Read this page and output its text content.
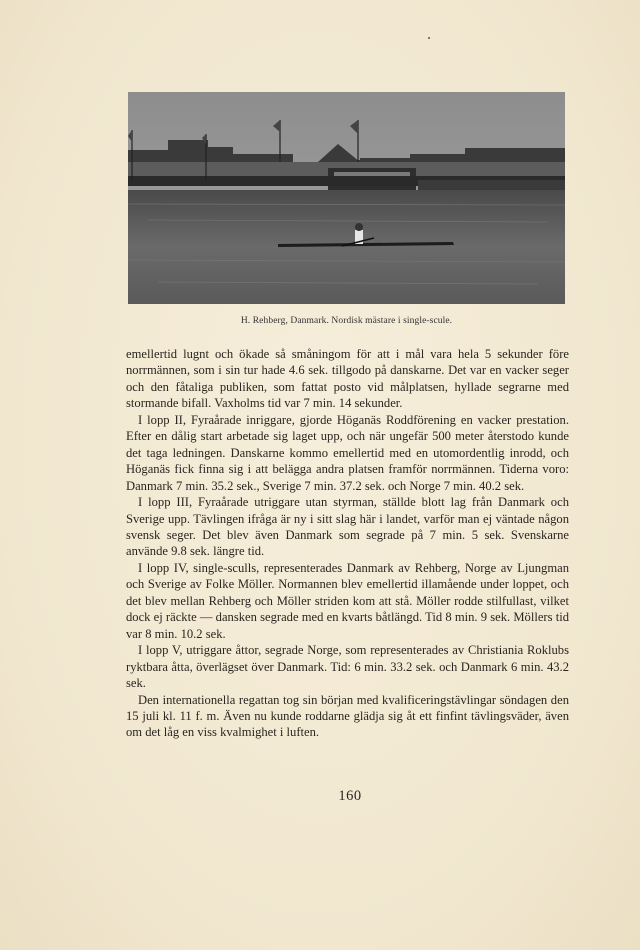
H. Rehberg, Danmark. Nordisk mästare i single-scule.

emellertid lugnt och ökade så småningom för att i mål vara hela 5 sekunder före norrmännen, som i sin tur hade 4.6 sek. tillgodo på danskarne. Det var en vacker seger och den fåtaliga publiken, som fattat posto vid målplatsen, hyllade segrarne med stormande bifall. Vaxholms tid var 7 min. 14 sekunder.

I lopp II, Fyraårade inriggare, gjorde Höganäs Roddförening en vacker prestation. Efter en dålig start arbetade sig laget upp, och när ungefär 500 meter återstodo kunde det taga ledningen. Danskarne kommo emellertid med en utomordentlig inrodd, och Höganäs fick finna sig i att belägga andra platsen framför norrmännen. Tiderna voro: Danmark 7 min. 35.2 sek., Sverige 7 min. 37.2 sek. och Norge 7 min. 40.2 sek.

I lopp III, Fyraårade utriggare utan styrman, ställde blott lag från Danmark och Sverige upp. Tävlingen ifråga är ny i sitt slag här i landet, varför man ej väntade någon svensk seger. Det blev även Danmark som segrade på 7 min. 5 sek. Svenskarne använde 9.8 sek. längre tid.

I lopp IV, single-sculls, representerades Danmark av Rehberg, Norge av Ljungman och Sverige av Folke Möller. Normannen blev emellertid illamående under loppet, och det blev mellan Rehberg och Möller striden kom att stå. Möller rodde stilfullast, vilket dock ej räckte — dansken segrade med en kvarts båtlängd. Tid 8 min. 9 sek. Möllers tid var 8 min. 10.2 sek.

I lopp V, utriggare åttor, segrade Norge, som representerades av Christiania Roklubs ryktbara åtta, överlägset över Danmark. Tid: 6 min. 33.2 sek. och Danmark 6 min. 43.2 sek.

Den internationella regattan tog sin början med kvalificeringstävlingar söndagen den 15 juli kl. 11 f. m. Även nu kunde roddarne glädja sig åt ett finfint tävlingsväder, även om det låg en viss kvalmighet i luften.

160
